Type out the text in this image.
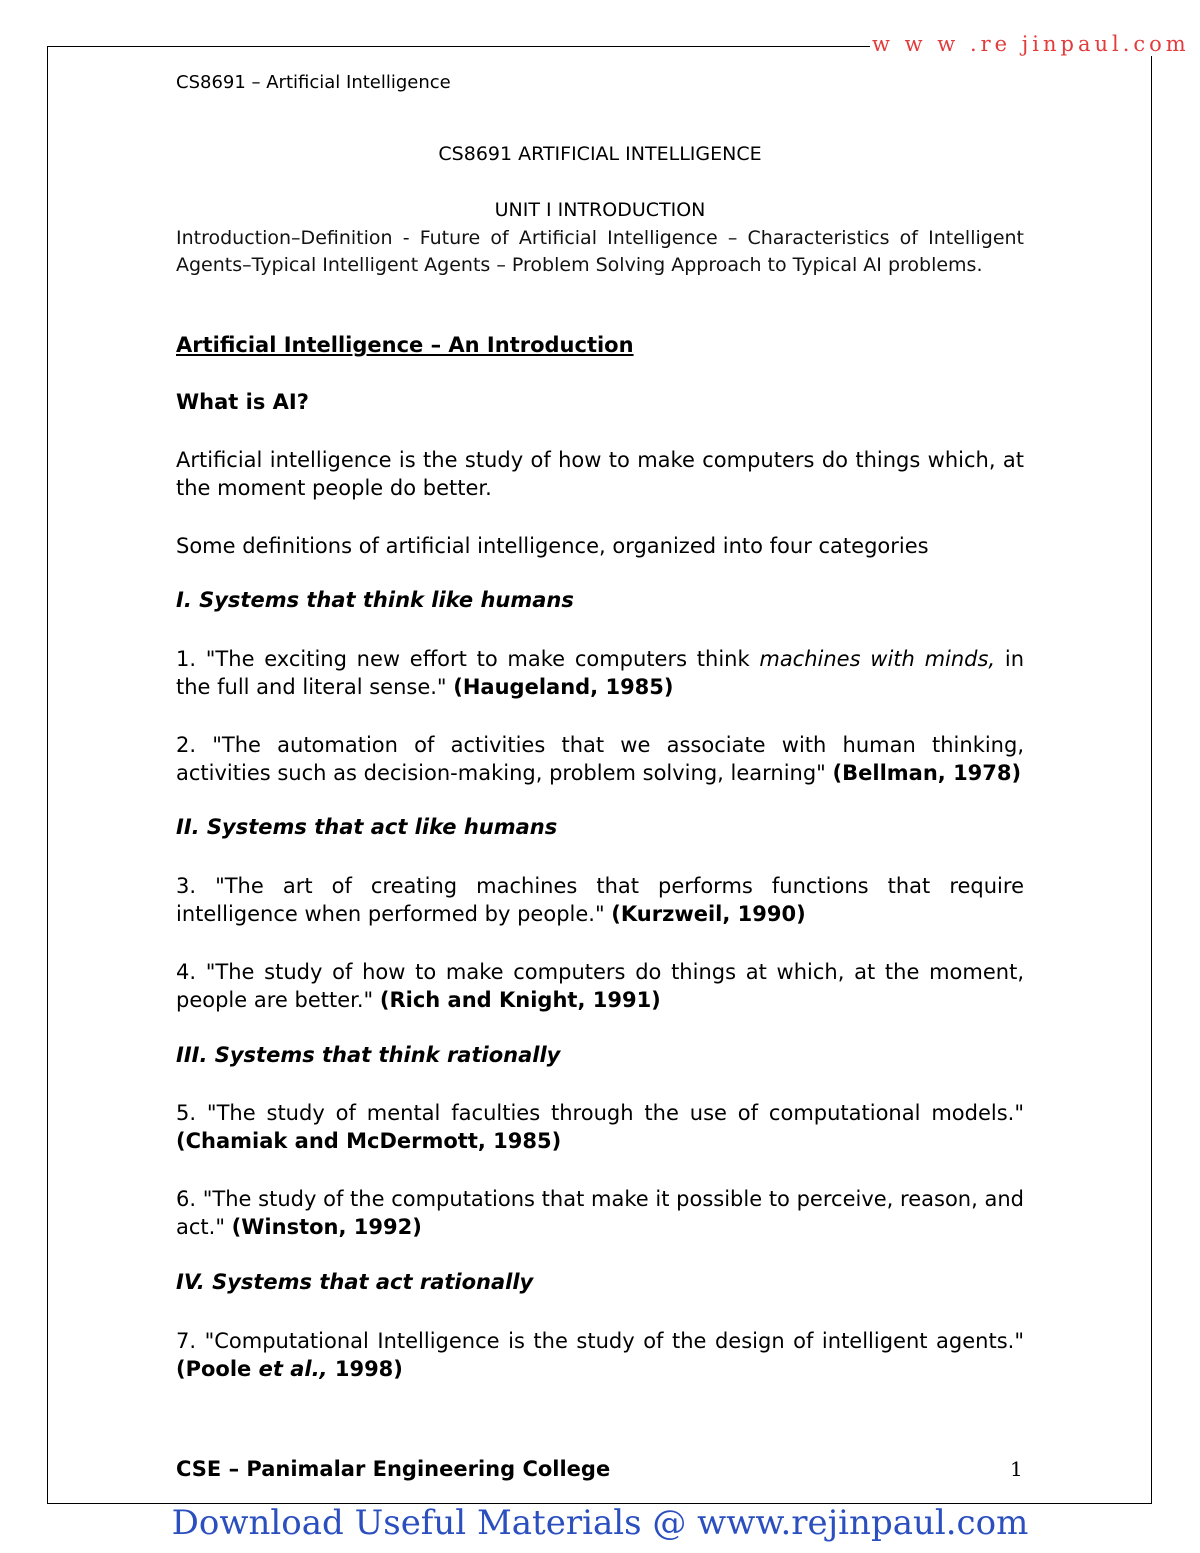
w w w .re jinpaul.com
CS8691 – Artificial Intelligence
CS8691 ARTIFICIAL INTELLIGENCE
UNIT I INTRODUCTION
Introduction–Definition - Future of Artificial Intelligence – Characteristics of Intelligent Agents–Typical Intelligent Agents – Problem Solving Approach to Typical AI problems.
Artificial Intelligence – An Introduction
What is AI?
Artificial intelligence is the study of how to make computers do things which, at the moment people do better.
Some definitions of artificial intelligence, organized into four categories
I. Systems that think like humans
1. "The exciting new effort to make computers think machines with minds, in the full and literal sense." (Haugeland, 1985)
2. "The automation of activities that we associate with human thinking, activities such as decision-making, problem solving, learning" (Bellman, 1978)
II. Systems that act like humans
3. "The art of creating machines that performs functions that require intelligence when performed by people." (Kurzweil, 1990)
4. "The study of how to make computers do things at which, at the moment, people are better." (Rich and Knight, 1991)
III. Systems that think rationally
5. "The study of mental faculties through the use of computational models." (Chamiak and McDermott, 1985)
6. "The study of the computations that make it possible to perceive, reason, and act." (Winston, 1992)
IV. Systems that act rationally
7. "Computational Intelligence is the study of the design of intelligent agents." (Poole et al., 1998)
CSE – Panimalar Engineering College	1
Download Useful Materials @ www.rejinpaul.com
